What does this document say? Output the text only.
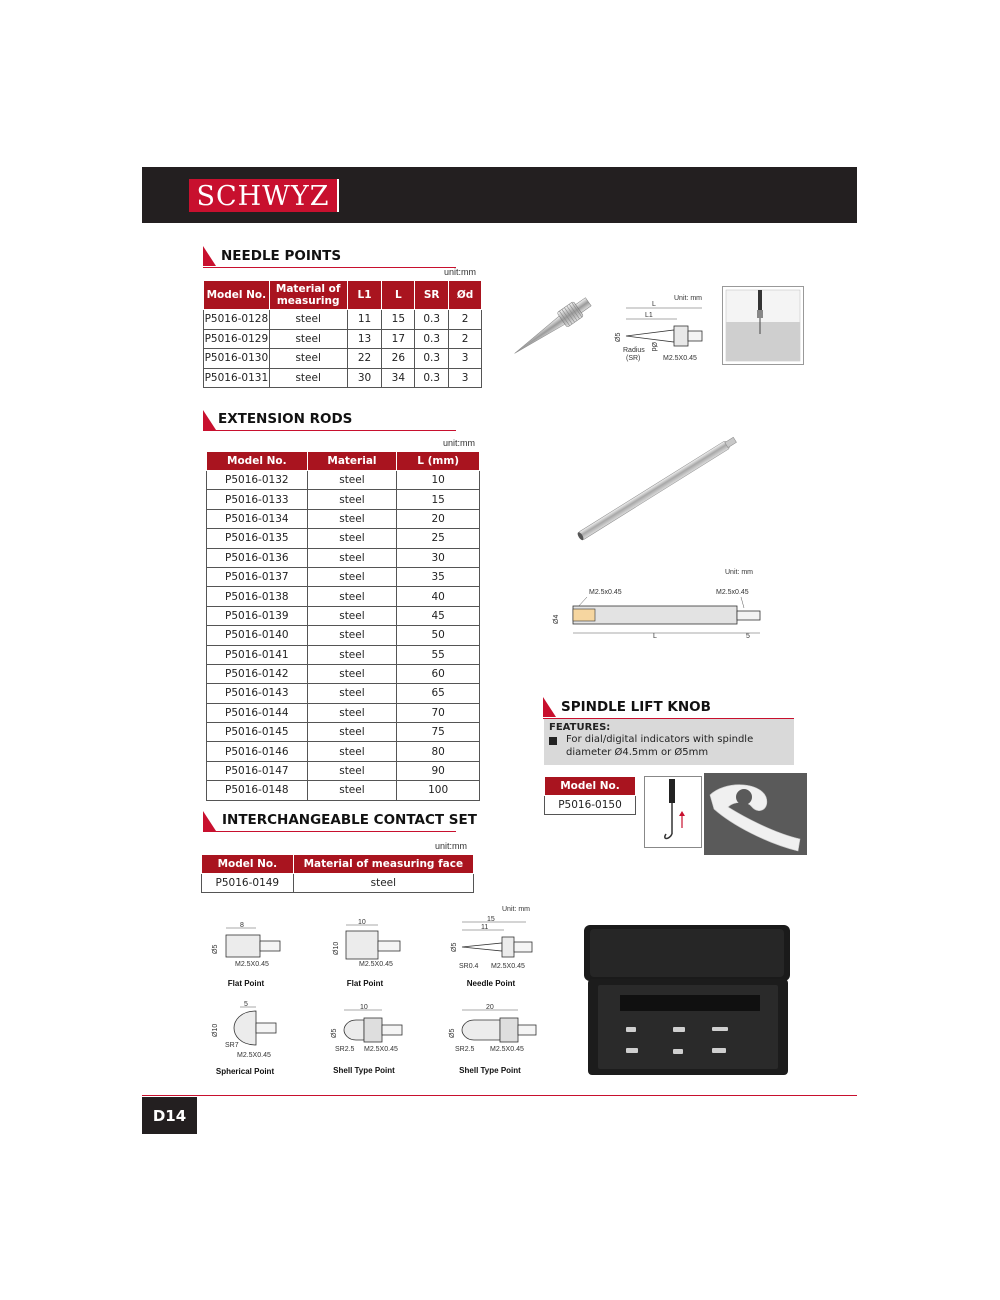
SCHWYZ
NEEDLE POINTS
unit:mm
Model No.	Material of measuring	L1	L	SR	Ød
P5016-0128	steel	11	15	0.3	2
P5016-0129	steel	13	17	0.3	2
P5016-0130	steel	22	26	0.3	3
P5016-0131	steel	30	34	0.3	3
Unit: mm
L
L1
Ø5
Ød
Radius
(SR)	M2.5X0.45
EXTENSION RODS
unit:mm
Model No.	Material	L (mm)
P5016-0132	steel	10
P5016-0133	steel	15
P5016-0134	steel	20
P5016-0135	steel	25
P5016-0136	steel	30
P5016-0137	steel	35
P5016-0138	steel	40
P5016-0139	steel	45
P5016-0140	steel	50
P5016-0141	steel	55
P5016-0142	steel	60
P5016-0143	steel	65
P5016-0144	steel	70
P5016-0145	steel	75
P5016-0146	steel	80
P5016-0147	steel	90
P5016-0148	steel	100
Unit: mm
M2.5x0.45	M2.5x0.45
Ø4
L	5
SPINDLE LIFT KNOB
FEATURES:
For dial/digital indicators with spindle
diameter Ø4.5mm or Ø5mm
Model No.
P5016-0150
INTERCHANGEABLE CONTACT SET
unit:mm
Model No.	Material of measuring face
P5016-0149	steel
Unit: mm
8
Ø5
M2.5X0.45
Flat Point
10
Ø10
M2.5X0.45
Flat Point
15
11
Ø5
SR0.4 M2.5X0.45
Needle Point
5
Ø10
SR7
M2.5X0.45
Spherical Point
10
Ø5
SR2.5 M2.5X0.45
Shell Type Point
20
Ø5
SR2.5 M2.5X0.45
Shell Type Point
D14
